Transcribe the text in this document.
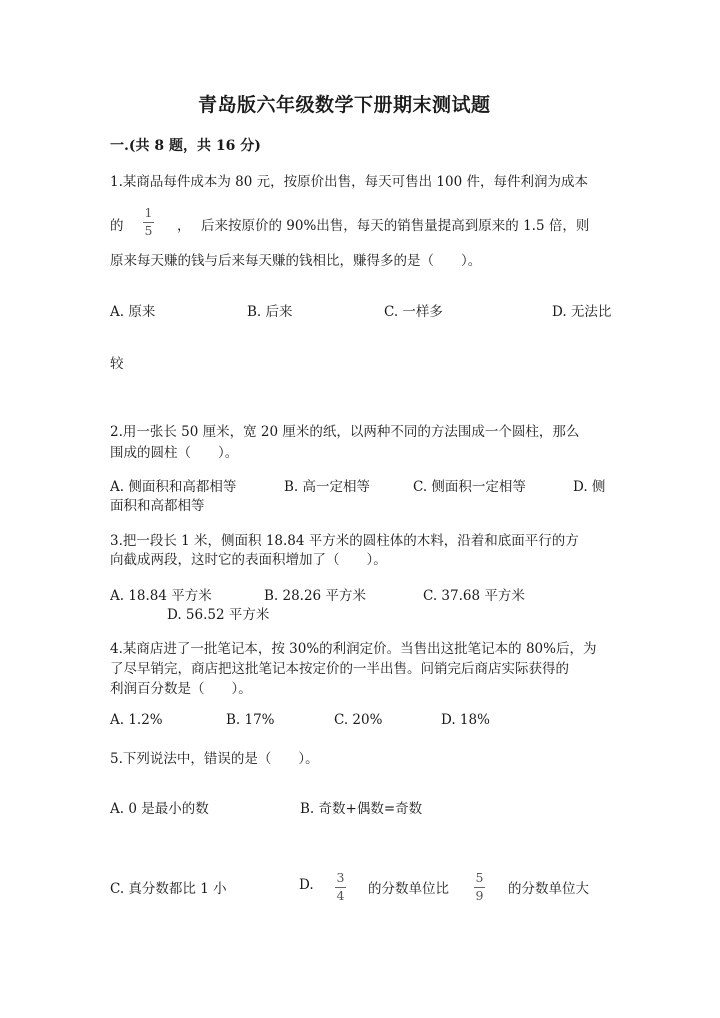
青岛版六年级数学下册期末测试题
一.(共 8 题，共 16 分)
1.某商品每件成本为 80 元，按原价出售，每天可售出 100 件，每件利润为成本
的
1
5 ， 后来按原价的 90%出售，每天的销售量提高到原来的 1.5 倍，则
原来每天赚的钱与后来每天赚的钱相比，赚得多的是（　　）。
A. 原来	B. 后来	C. 一样多	D. 无法比
较
2.用一张长 50 厘米，宽 20 厘米的纸，以两种不同的方法围成一个圆柱，那么
围成的圆柱（　　）。
A. 侧面积和高都相等	B. 高一定相等	C. 侧面积一定相等	D. 侧
面积和高都相等
3.把一段长 1 米，侧面积 18.84 平方米的圆柱体的木料，沿着和底面平行的方
向截成两段，这时它的表面积增加了（　　）。
A. 18.84 平方米	B. 28.26 平方米	C. 37.68 平方米
D. 56.52 平方米
4.某商店进了一批笔记本，按 30%的利润定价。当售出这批笔记本的 80%后，为
了尽早销完，商店把这批笔记本按定价的一半出售。问销完后商店实际获得的
利润百分数是（　　）。
A. 1.2%	B. 17%	C. 20%	D. 18%
5.下列说法中，错误的是（　　）。
A. 0 是最小的数	B. 奇数+偶数=奇数
C. 真分数都比 1 小	D. 3
4 的分数单位比
5
9 的分数单位大
